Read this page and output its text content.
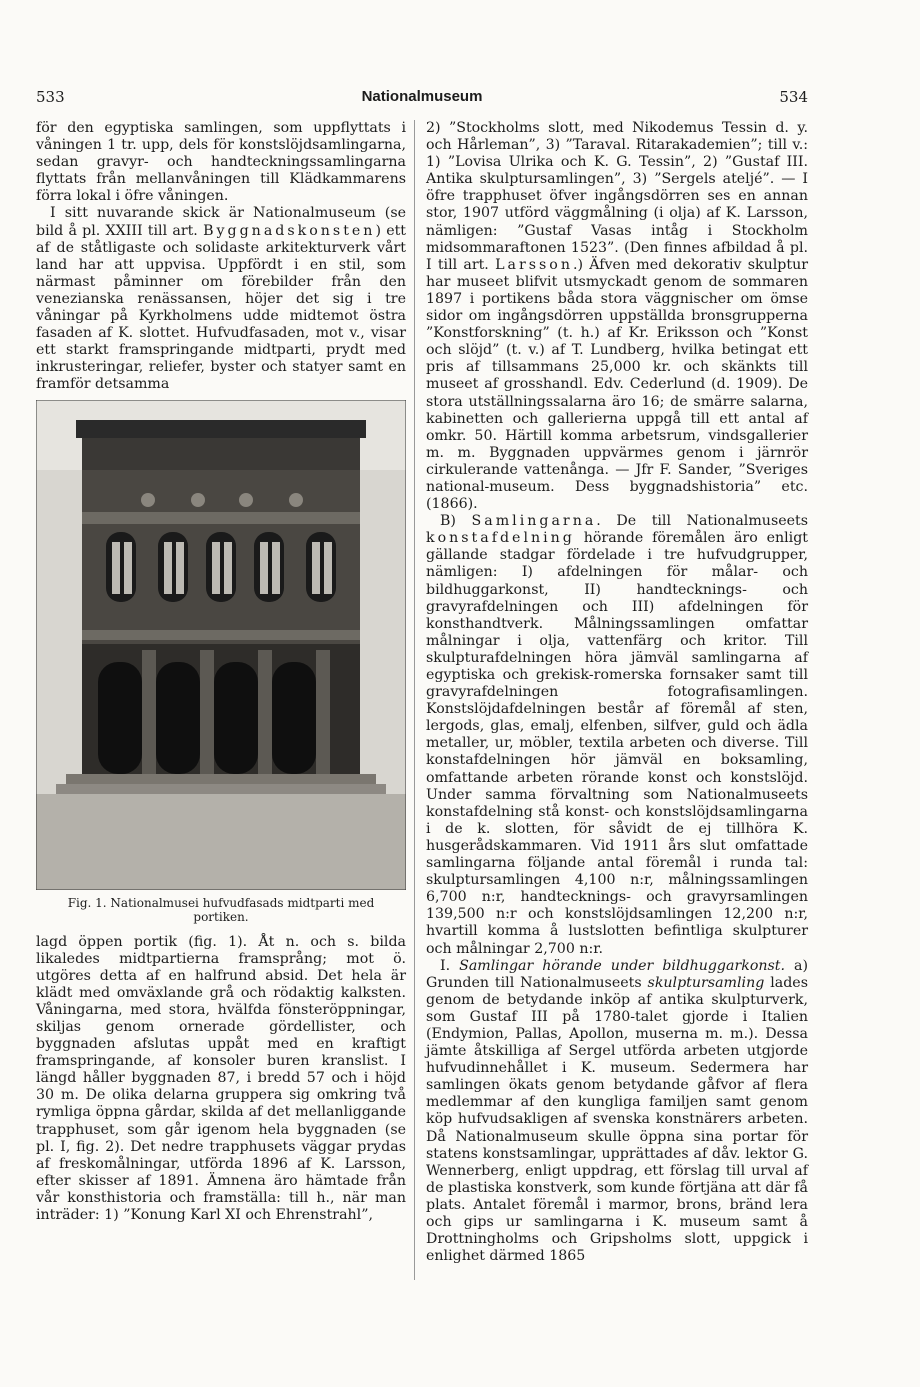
533	Nationalmuseum	534

för den egyptiska samlingen, som uppflyttats i våningen 1 tr. upp, dels för konstslöjdsamlingarna, sedan gravyr- och handteckningssamlingarna flyttats från mellanvåningen till Klädkammarens förra lokal i öfre våningen.

I sitt nuvarande skick är Nationalmuseum (se bild å pl. XXIII till art. Byggnadskonsten) ett af de ståtligaste och solidaste arkitekturverk vårt land har att uppvisa. Uppfördt i en stil, som närmast påminner om förebilder från den venezianska renässansen, höjer det sig i tre våningar på Kyrkholmens udde midtemot östra fasaden af K. slottet. Hufvudfasaden, mot v., visar ett starkt framspringande midtparti, prydt med inkrusteringar, reliefer, byster och statyer samt en framför detsamma

Fig. 1. Nationalmusei hufvudfasads midtparti med portiken.

lagd öppen portik (fig. 1). Åt n. och s. bilda likaledes midtpartierna framsprång; mot ö. utgöres detta af en halfrund absid. Det hela är klädt med omväxlande grå och rödaktig kalksten. Våningarna, med stora, hvälfda fönsteröppningar, skiljas genom ornerade gördellister, och byggnaden afslutas uppåt med en kraftigt framspringande, af konsoler buren kranslist. I längd håller byggnaden 87, i bredd 57 och i höjd 30 m. De olika delarna gruppera sig omkring två rymliga öppna gårdar, skilda af det mellanliggande trapphuset, som går igenom hela byggnaden (se pl. I, fig. 2). Det nedre trapphusets väggar prydas af freskomålningar, utförda 1896 af K. Larsson, efter skisser af 1891. Ämnena äro hämtade från vår konsthistoria och framställa: till h., när man inträder: 1) ”Konung Karl XI och Ehrenstrahl”,

2) ”Stockholms slott, med Nikodemus Tessin d. y. och Hårleman”, 3) ”Taraval. Ritarakademien”; till v.: 1) ”Lovisa Ulrika och K. G. Tessin”, 2) ”Gustaf III. Antika skulptursamlingen”, 3) ”Sergels ateljé”. — I öfre trapphuset öfver ingångsdörren ses en annan stor, 1907 utförd väggmålning (i olja) af K. Larsson, nämligen: ”Gustaf Vasas intåg i Stockholm midsommaraftonen 1523”. (Den finnes afbildad å pl. I till art. Larsson.) Äfven med dekorativ skulptur har museet blifvit utsmyckadt genom de sommaren 1897 i portikens båda stora väggnischer om ömse sidor om ingångsdörren uppställda bronsgrupperna ”Konstforskning” (t. h.) af Kr. Eriksson och ”Konst och slöjd” (t. v.) af T. Lundberg, hvilka betingat ett pris af tillsammans 25,000 kr. och skänkts till museet af grosshandl. Edv. Cederlund (d. 1909). De stora utställningssalarna äro 16; de smärre salarna, kabinetten och gallerierna uppgå till ett antal af omkr. 50. Härtill komma arbetsrum, vindsgallerier m. m. Byggnaden uppvärmes genom i järnrör cirkulerande vattenånga. — Jfr F. Sander, ”Sveriges national-museum. Dess byggnadshistoria” etc. (1866).

B) Samlingarna. De till Nationalmuseets konstafdelning hörande föremålen äro enligt gällande stadgar fördelade i tre hufvudgrupper, nämligen: I) afdelningen för målar- och bildhuggarkonst, II) handtecknings- och gravyrafdelningen och III) afdelningen för konsthandtverk. Målningssamlingen omfattar målningar i olja, vattenfärg och kritor. Till skulpturafdelningen höra jämväl samlingarna af egyptiska och grekisk-romerska fornsaker samt till gravyrafdelningen fotografisamlingen. Konstslöjdafdelningen består af föremål af sten, lergods, glas, emalj, elfenben, silfver, guld och ädla metaller, ur, möbler, textila arbeten och diverse. Till konstafdelningen hör jämväl en boksamling, omfattande arbeten rörande konst och konstslöjd. Under samma förvaltning som Nationalmuseets konstafdelning stå konst- och konstslöjdsamlingarna i de k. slotten, för såvidt de ej tillhöra K. husgerådskammaren. Vid 1911 års slut omfattade samlingarna följande antal föremål i runda tal: skulptursamlingen 4,100 n:r, målningssamlingen 6,700 n:r, handtecknings- och gravyrsamlingen 139,500 n:r och konstslöjdsamlingen 12,200 n:r, hvartill komma å lustslotten befintliga skulpturer och målningar 2,700 n:r.

I. Samlingar hörande under bildhuggarkonst. a) Grunden till Nationalmuseets skulptursamling lades genom de betydande inköp af antika skulpturverk, som Gustaf III på 1780-talet gjorde i Italien (Endymion, Pallas, Apollon, muserna m. m.). Dessa jämte åtskilliga af Sergel utförda arbeten utgjorde hufvudinnehållet i K. museum. Sedermera har samlingen ökats genom betydande gåfvor af flera medlemmar af den kungliga familjen samt genom köp hufvudsakligen af svenska konstnärers arbeten. Då Nationalmuseum skulle öppna sina portar för statens konstsamlingar, upprättades af dåv. lektor G. Wennerberg, enligt uppdrag, ett förslag till urval af de plastiska konstverk, som kunde förtjäna att där få plats. Antalet föremål i marmor, brons, bränd lera och gips ur samlingarna i K. museum samt å Drottningholms och Gripsholms slott, uppgick i enlighet därmed 1865
